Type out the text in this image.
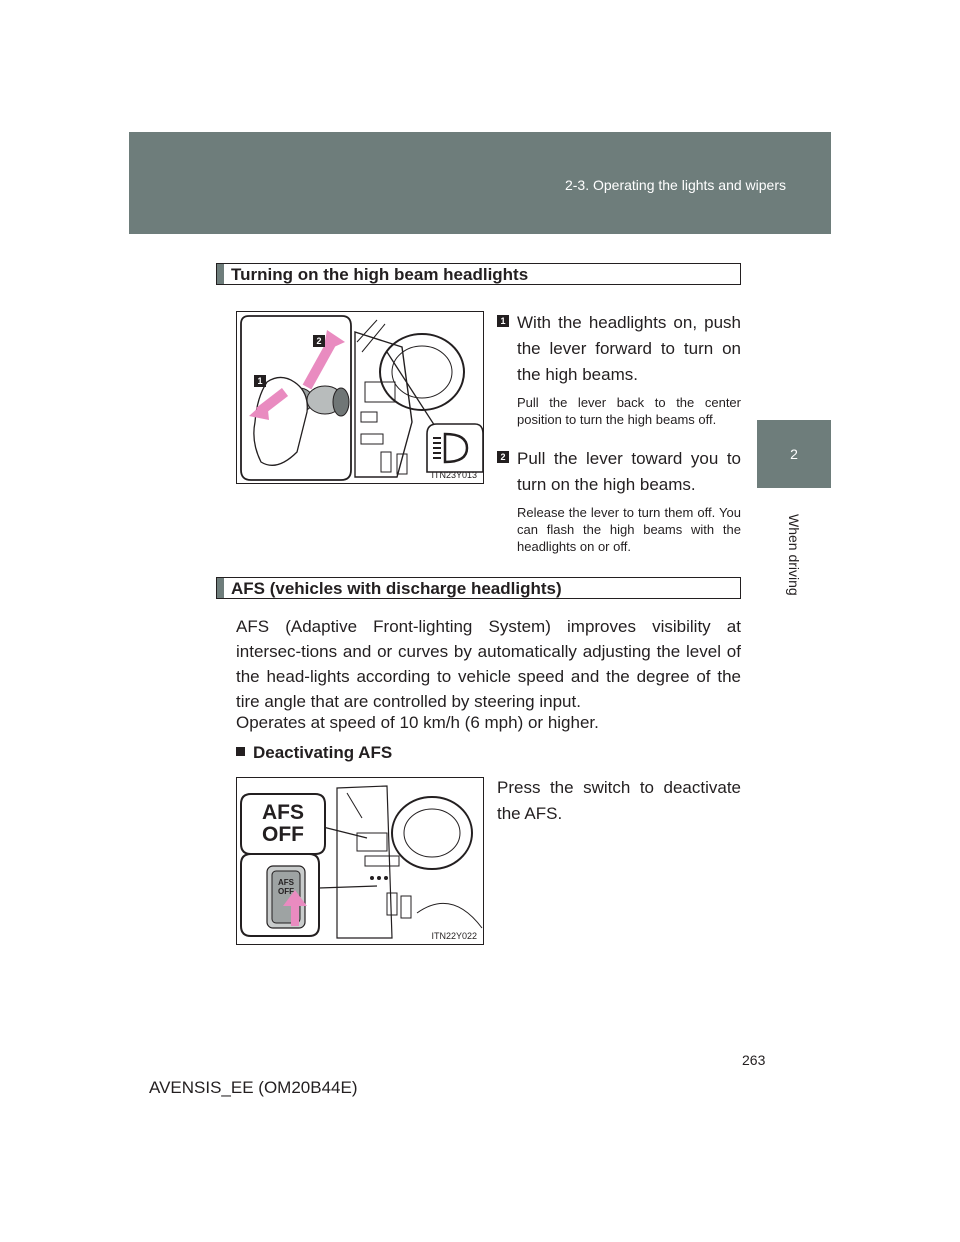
2-3. Operating the lights and wipers
2
When driving
Turning on the high beam headlights
2
1
ITN23Y013
1 With the headlights on, push the lever forward to turn on the high beams.
Pull the lever back to the center position to turn the high beams off.
2 Pull the lever toward you to turn on the high beams.
Release the lever to turn them off. You can flash the high beams with the headlights on or off.
AFS (vehicles with discharge headlights)
AFS (Adaptive Front-lighting System) improves visibility at intersec-tions and or curves by automatically adjusting the level of the head-lights according to vehicle speed and the degree of the tire angle that are controlled by steering input.
Operates at speed of 10 km/h (6 mph) or higher.
Deactivating AFS
AFS
OFF
AFS
OFF
ITN22Y022
Press the switch to deactivate the AFS.
263
AVENSIS_EE (OM20B44E)
